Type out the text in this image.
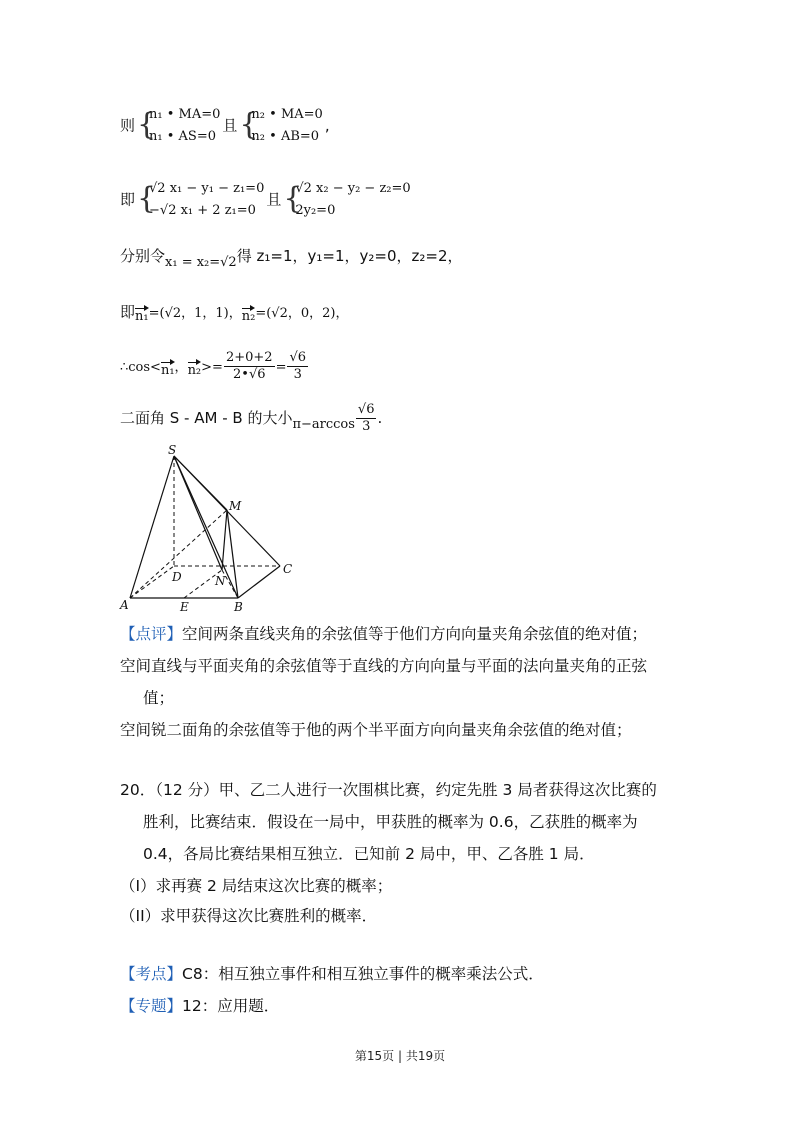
则 {
n₁ • MA=0
n₁ • AS=0
且 {
n₂ • MA=0
n₂ • AB=0
,
即 {
√2 x₁ − y₁ − z₁=0
−√2 x₁ + 2 z₁=0
且 {
√2 x₂ − y₂ − z₂=0
2y₂=0
分别令x₁ = x₂=√2得 z₁=1，y₁=1，y₂=0，z₂=2，
即n₁=(√2，1，1)，n₂=(√2，0，2)，
∴cos<n₁，$n_2>= \frac{2+0+2}{2•√6} = \frac{√6}{3}$
二面角 S - AM - B 的大小$\pi-\arccos \frac{√6}{3}$ .
S
M
D	N
C
A	E	B
【点评】空间两条直线夹角的余弦值等于他们方向向量夹角余弦值的绝对值；
空间直线与平面夹角的余弦值等于直线的方向向量与平面的法向量夹角的正弦
值；
空间锐二面角的余弦值等于他的两个半平面方向向量夹角余弦值的绝对值；
20．（12 分）甲、乙二人进行一次围棋比赛，约定先胜 3 局者获得这次比赛的
胜利，比赛结束．假设在一局中，甲获胜的概率为 0.6，乙获胜的概率为
0.4，各局比赛结果相互独立．已知前 2 局中，甲、乙各胜 1 局．
（I）求再赛 2 局结束这次比赛的概率；
（II）求甲获得这次比赛胜利的概率．
【考点】C8：相互独立事件和相互独立事件的概率乘法公式．
【专题】12：应用题．
第15页 | 共19页
